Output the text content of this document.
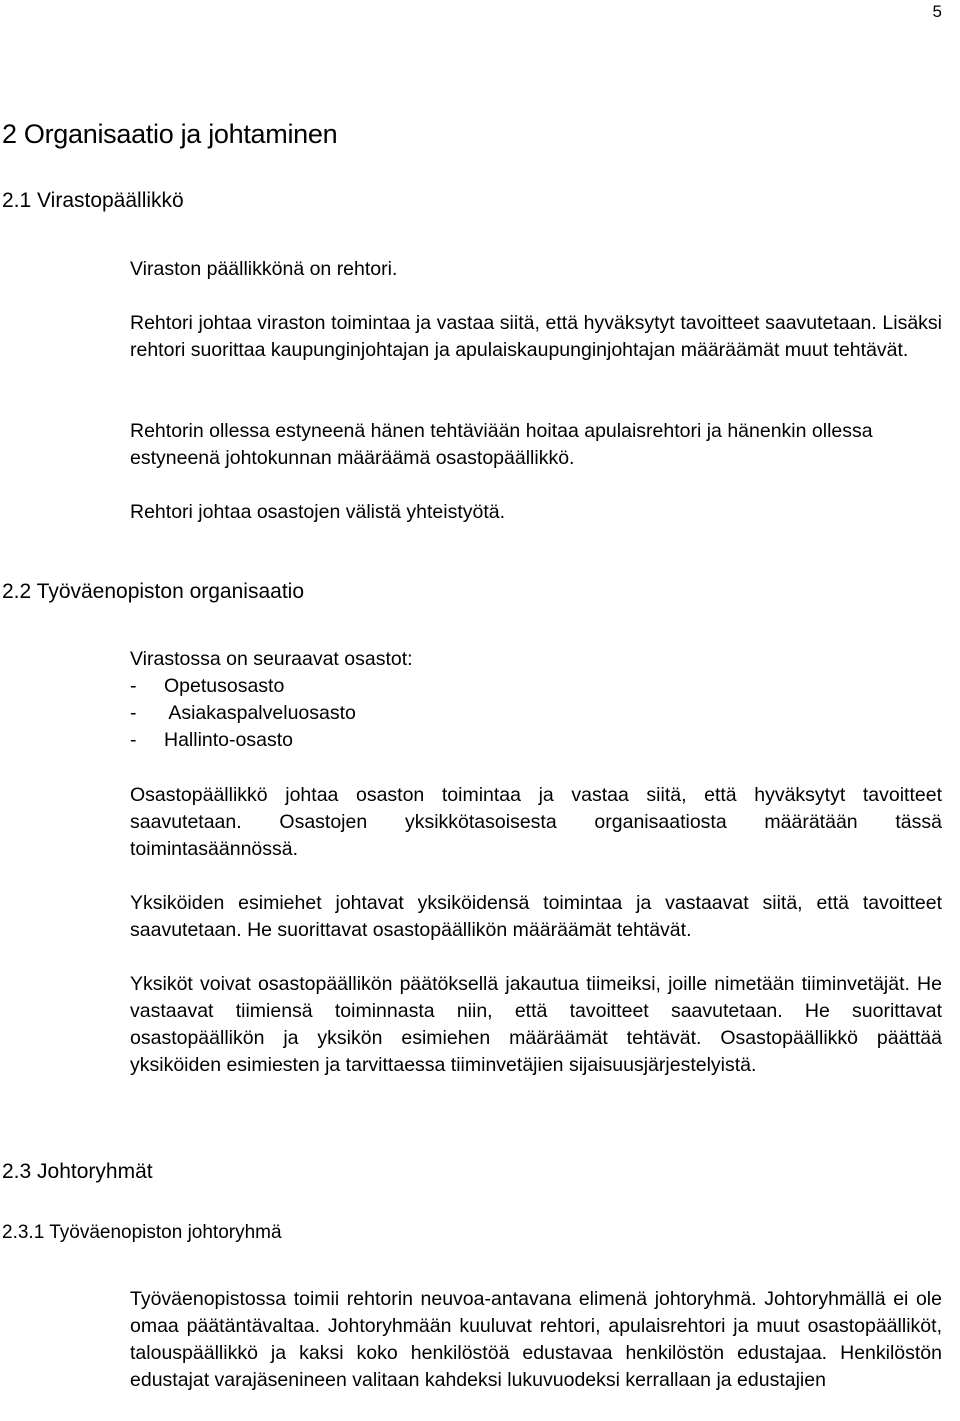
5
2 Organisaatio ja johtaminen
2.1 Virastopäällikkö

Viraston päällikkönä on rehtori.

Rehtori johtaa viraston toimintaa ja vastaa siitä, että hyväksytyt tavoitteet saavutetaan. Lisäksi rehtori suorittaa kaupunginjohtajan ja apulaiskaupunginjohtajan määräämät muut tehtävät.

Rehtorin ollessa estyneenä hänen tehtäviään hoitaa apulaisrehtori ja hänenkin ollessa estyneenä johtokunnan määräämä osastopäällikkö.

Rehtori johtaa osastojen välistä yhteistyötä.

2.2 Työväenopiston organisaatio
Virastossa on seuraavat osastot:
-	Opetusosasto
-	Asiakaspalveluosasto
-	Hallinto-osasto

Osastopäällikkö johtaa osaston toimintaa ja vastaa siitä, että hyväksytyt tavoitteet saavutetaan. Osastojen yksikkötasoisesta organisaatiosta määrätään tässä toimintasäännössä.

Yksiköiden esimiehet johtavat yksiköidensä toimintaa ja vastaavat siitä, että tavoitteet saavutetaan. He suorittavat osastopäällikön määräämät tehtävät.

Yksiköt voivat osastopäällikön päätöksellä jakautua tiimeiksi, joille nimetään tiiminvetäjät. He vastaavat tiimiensä toiminnasta niin, että tavoitteet saavutetaan. He suorittavat osastopäällikön ja yksikön esimiehen määräämät tehtävät. Osastopäällikkö päättää yksiköiden esimiesten ja tarvittaessa tiiminvetäjien sijaisuusjärjestelyistä.

2.3 Johtoryhmät
2.3.1 Työväenopiston johtoryhmä

Työväenopistossa toimii rehtorin neuvoa-antavana elimenä johtoryhmä. Johtoryhmällä ei ole omaa päätäntävaltaa. Johtoryhmään kuuluvat rehtori, apulaisrehtori ja muut osastopäälliköt, talouspäällikkö ja kaksi koko henkilöstöä edustavaa henkilöstön edustajaa. Henkilöstön edustajat varajäsenineen valitaan kahdeksi lukuvuodeksi kerrallaan ja edustajien
